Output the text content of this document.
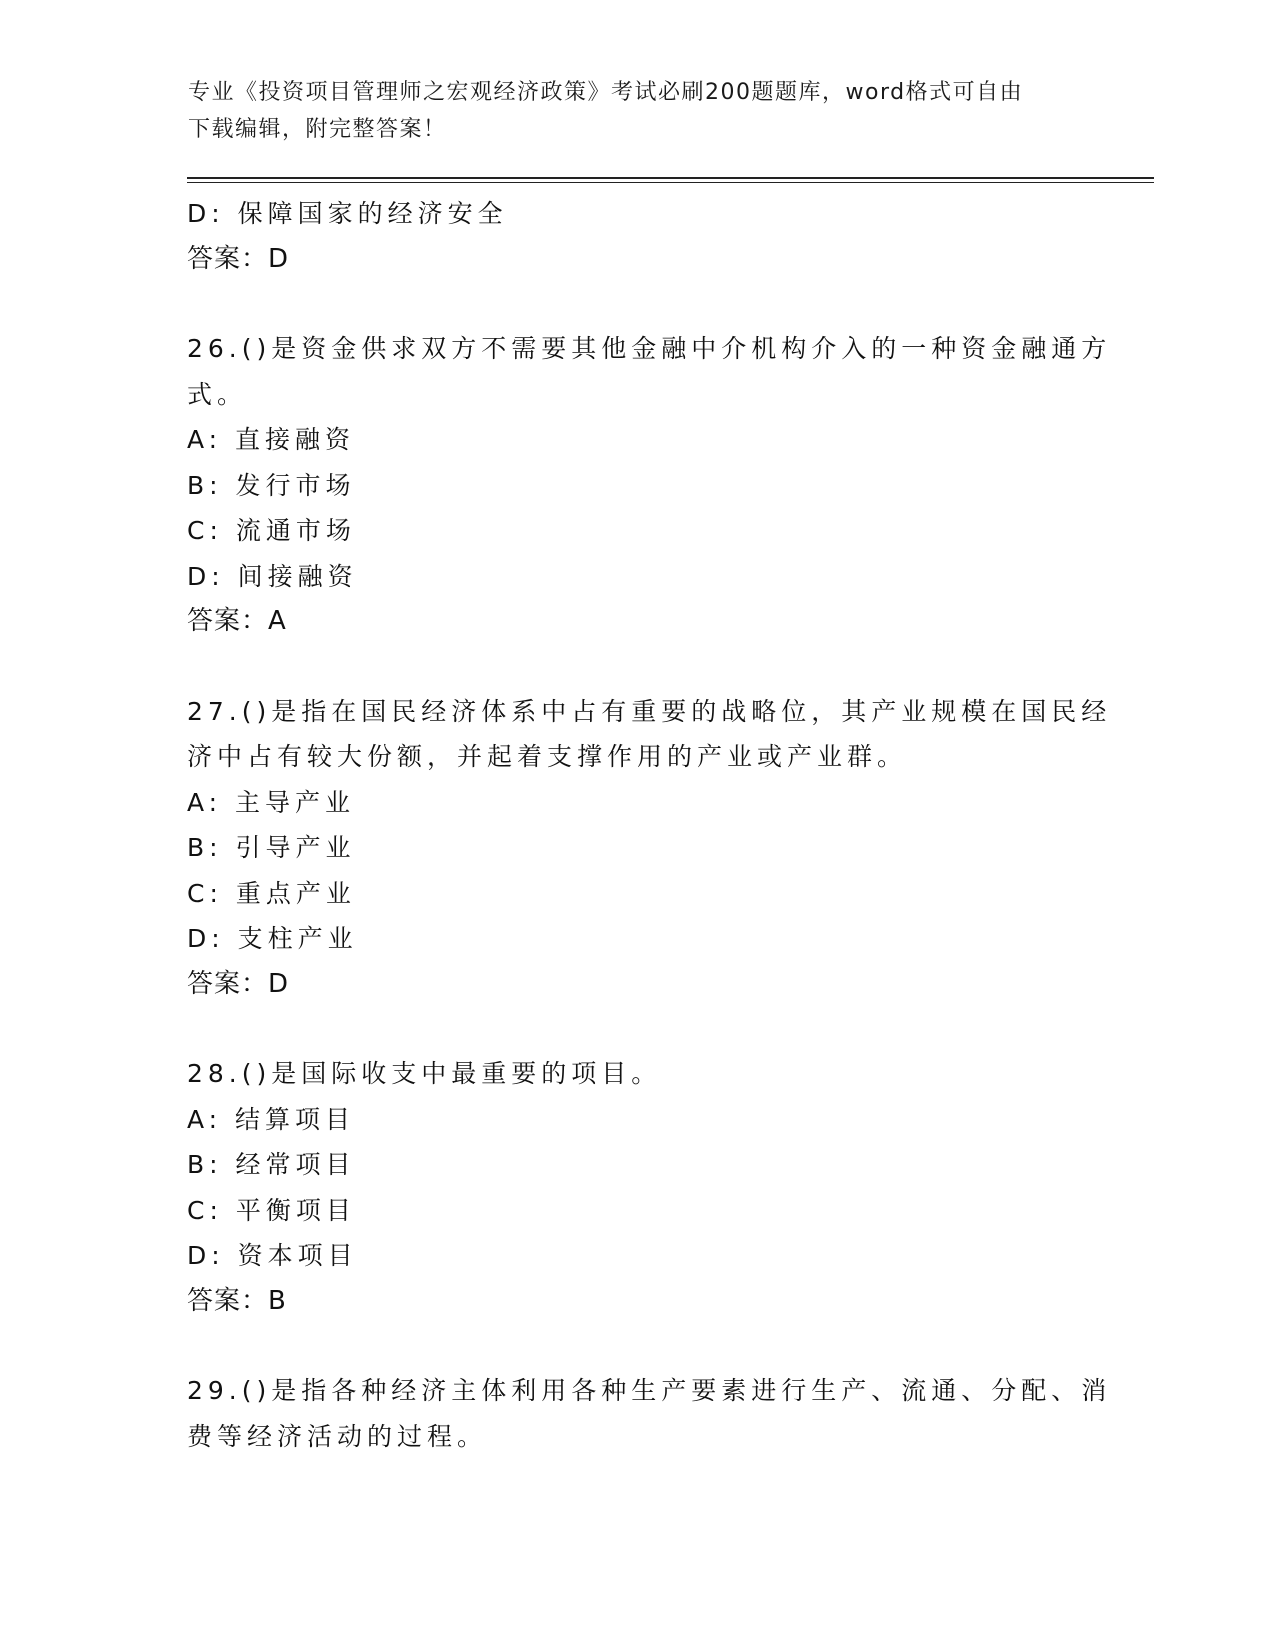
专业《投资项目管理师之宏观经济政策》考试必刷200题题库，word格式可自由
下载编辑，附完整答案！
D: 保障国家的经济安全
答案：D
26.()是资金供求双方不需要其他金融中介机构介入的一种资金融通方
式。
A: 直接融资
B: 发行市场
C: 流通市场
D: 间接融资
答案：A
27.()是指在国民经济体系中占有重要的战略位，其产业规模在国民经
济中占有较大份额，并起着支撑作用的产业或产业群。
A: 主导产业
B: 引导产业
C: 重点产业
D: 支柱产业
答案：D
28.()是国际收支中最重要的项目。
A: 结算项目
B: 经常项目
C: 平衡项目
D: 资本项目
答案：B
29.()是指各种经济主体利用各种生产要素进行生产、流通、分配、消
费等经济活动的过程。
